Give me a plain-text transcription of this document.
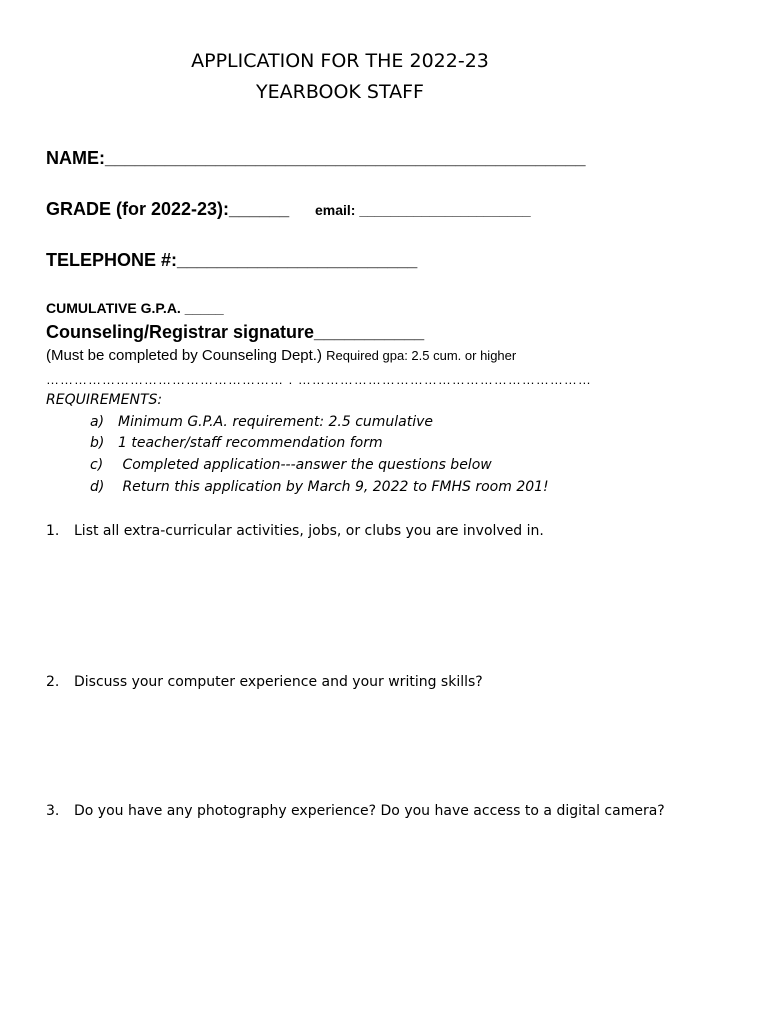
APPLICATION FOR THE 2022-23
YEARBOOK STAFF
NAME:________________________________________________
GRADE (for 2022-23):______ email: ______________________
TELEPHONE #:________________________
CUMULATIVE G.P.A. _____
Counseling/Registrar signature___________
(Must be completed by Counseling Dept.) Required gpa: 2.5 cum. or higher
…………………………………………… . ………………………………………………………
REQUIREMENTS:
a) Minimum G.P.A. requirement: 2.5 cumulative
b) 1 teacher/staff recommendation form
c) Completed application---answer the questions below
d) Return this application by March 9, 2022 to FMHS room 201!
1. List all extra-curricular activities, jobs, or clubs you are involved in.
2. Discuss your computer experience and your writing skills?
3. Do you have any photography experience? Do you have access to a digital camera?
